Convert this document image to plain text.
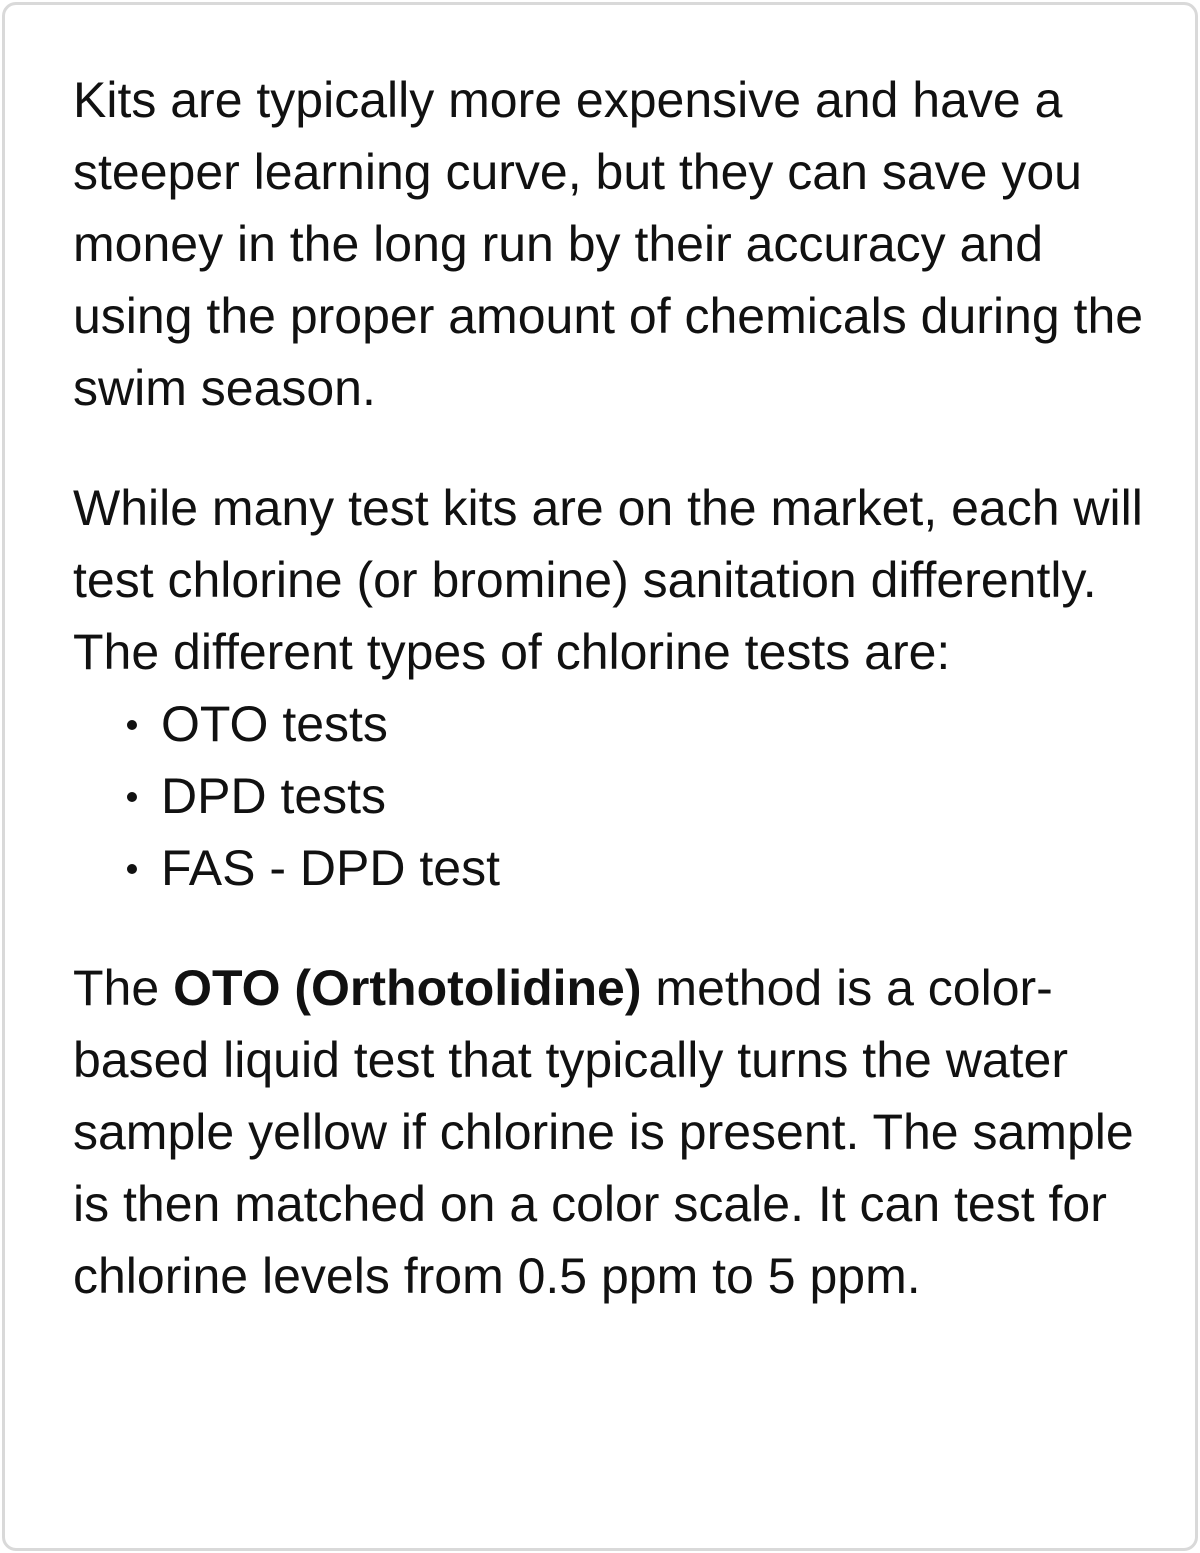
Kits are typically more expensive and have a steeper learning curve, but they can save you money in the long run by their accuracy and using the proper amount of chemicals during the swim season.

While many test kits are on the market, each will test chlorine (or bromine) sanitation differently. The different types of chlorine tests are:

OTO tests
DPD tests
FAS - DPD test

The OTO (Orthotolidine) method is a color-based liquid test that typically turns the water sample yellow if chlorine is present. The sample is then matched on a color scale. It can test for chlorine levels from 0.5 ppm to 5 ppm.
